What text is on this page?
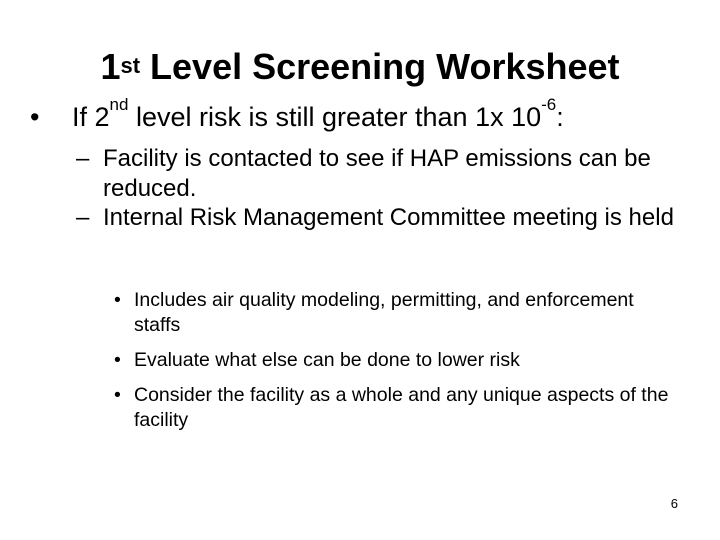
1st Level Screening Worksheet
• If 2nd level risk is still greater than 1x $10^{-6}$:
– Facility is contacted to see if HAP emissions can be reduced.
– Internal Risk Management Committee meeting is held
• Includes air quality modeling, permitting, and enforcement staffs
• Evaluate what else can be done to lower risk
• Consider the facility as a whole and any unique aspects of the facility
6
